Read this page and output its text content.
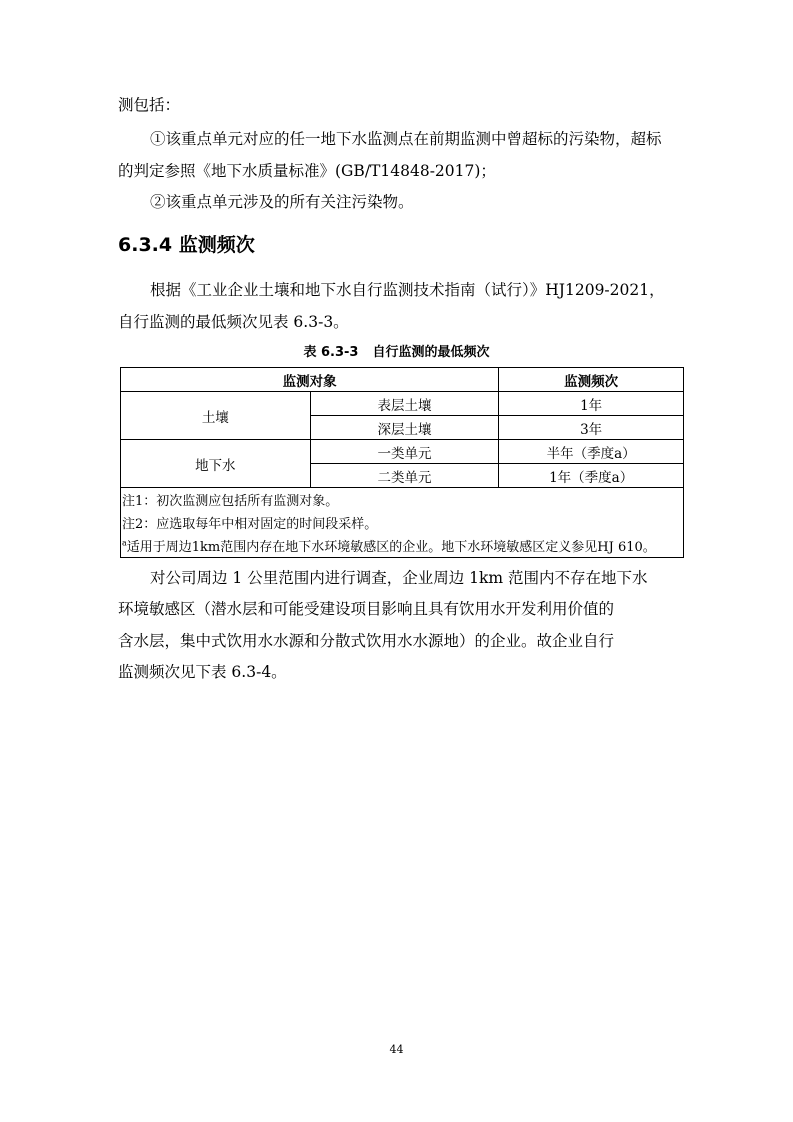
测包括：

①该重点单元对应的任一地下水监测点在前期监测中曾超标的污染物，超标

的判定参照《地下水质量标准》(GB/T14848-2017)；

②该重点单元涉及的所有关注污染物。

6.3.4 监测频次

根据《工业企业土壤和地下水自行监测技术指南（试行）》HJ1209-2021，

自行监测的最低频次见表 6.3-3。

表 6.3-3 自行监测的最低频次

监测对象		监测频次
土壤	表层土壤	1年
	深层土壤	3年
地下水	一类单元	半年（季度a）
	二类单元	1年（季度a）
注1：初次监测应包括所有监测对象。		
注2：应选取每年中相对固定的时间段采样。		
$^a$适用于周边1km范围内存在地下水环境敏感区的企业。地下水环境敏感区定义参见HJ 610。		

对公司周边 1 公里范围内进行调查，企业周边 1km 范围内不存在地下水

环境敏感区（潜水层和可能受建设项目影响且具有饮用水开发利用价值的

含水层，集中式饮用水水源和分散式饮用水水源地）的企业。故企业自行

监测频次见下表 6.3-4。

44
